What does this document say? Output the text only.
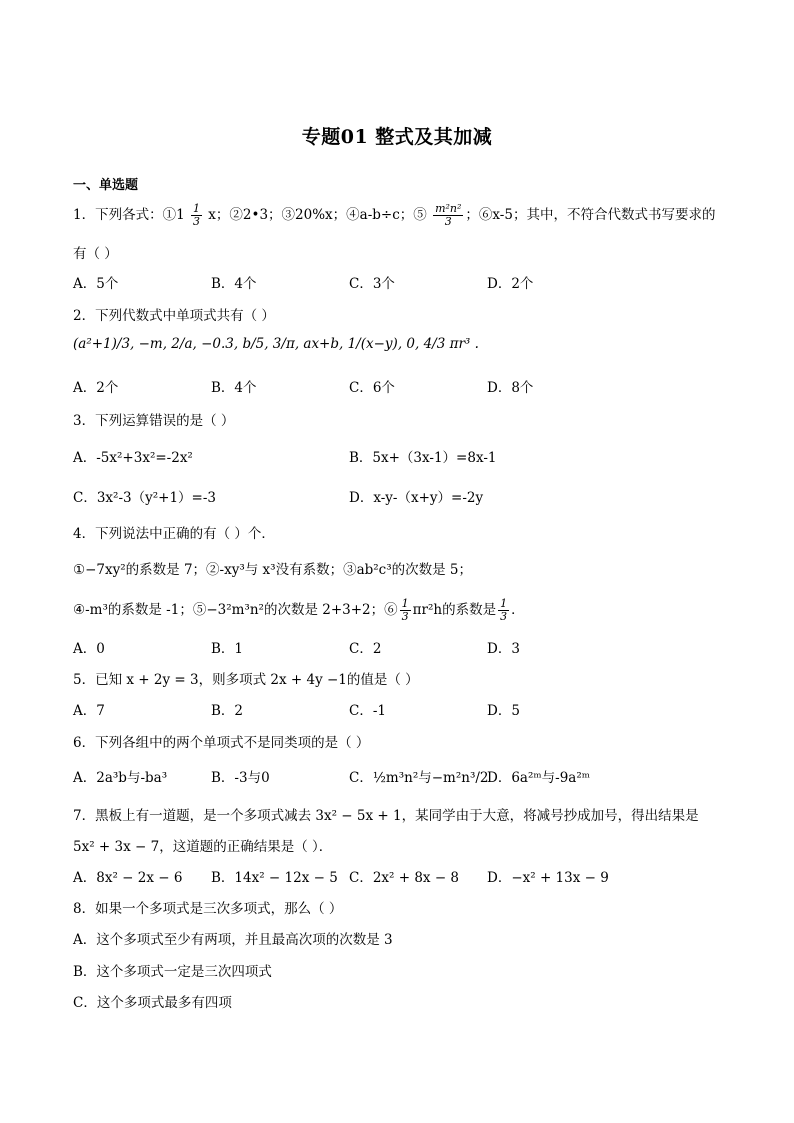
专题01 整式及其加减
一、单选题
1．下列各式：①1 $\frac{1}{3}$ x；②2•3；③20%x；④a-b÷c；⑤ $\frac{\text{m²n²}}{3}$ ；⑥x-5；其中，不符合代数式书写要求的
有（ ）
A．5个	B．4个	C．3个	D．2个
2．下列代数式中单项式共有（ ）
(a²+1)/3, −m, 2/a, −0.3, b/5, 3/π, ax+b, 1/(x−y), 0, 4/3 πr³ .
A．2个	B．4个	C．6个	D．8个
3．下列运算错误的是（ ）
A．-5x²+3x²=-2x²	B．5x+（3x-1）=8x-1
C．3x²-3（y²+1）=-3	D．x-y-（x+y）=-2y
4．下列说法中正确的有（ ）个．
①−7xy²的系数是 7；②-xy³与 x³没有系数；③ab²c³的次数是 5；
④-m³的系数是 -1；⑤−3²m³n²的次数是 2+3+2；⑥ $\frac{1}{3} \pi r^2h$的系数是 $\frac{1}{3}$ ．
A．0	B．1	C．2	D．3
5．已知 x + 2y = 3，则多项式 2x + 4y −1的值是（ ）
A．7	B．2	C．-1	D．5
6．下列各组中的两个单项式不是同类项的是（ ）
A．2a³b与-ba³	B．-3与0	C．½m³n²与−m²n³/2
D．6a²ᵐ与-9a²ᵐ
7．黑板上有一道题，是一个多项式减去 3x² − 5x + 1，某同学由于大意，将减号抄成加号，得出结果是
5x² + 3x − 7，这道题的正确结果是（ ）．
A．8x² − 2x − 6 B．14x² − 12x − 5 C．2x² + 8x − 8 D．−x² + 13x − 9
8．如果一个多项式是三次多项式，那么（ ）
A．这个多项式至少有两项，并且最高次项的次数是 3
B．这个多项式一定是三次四项式
C．这个多项式最多有四项
